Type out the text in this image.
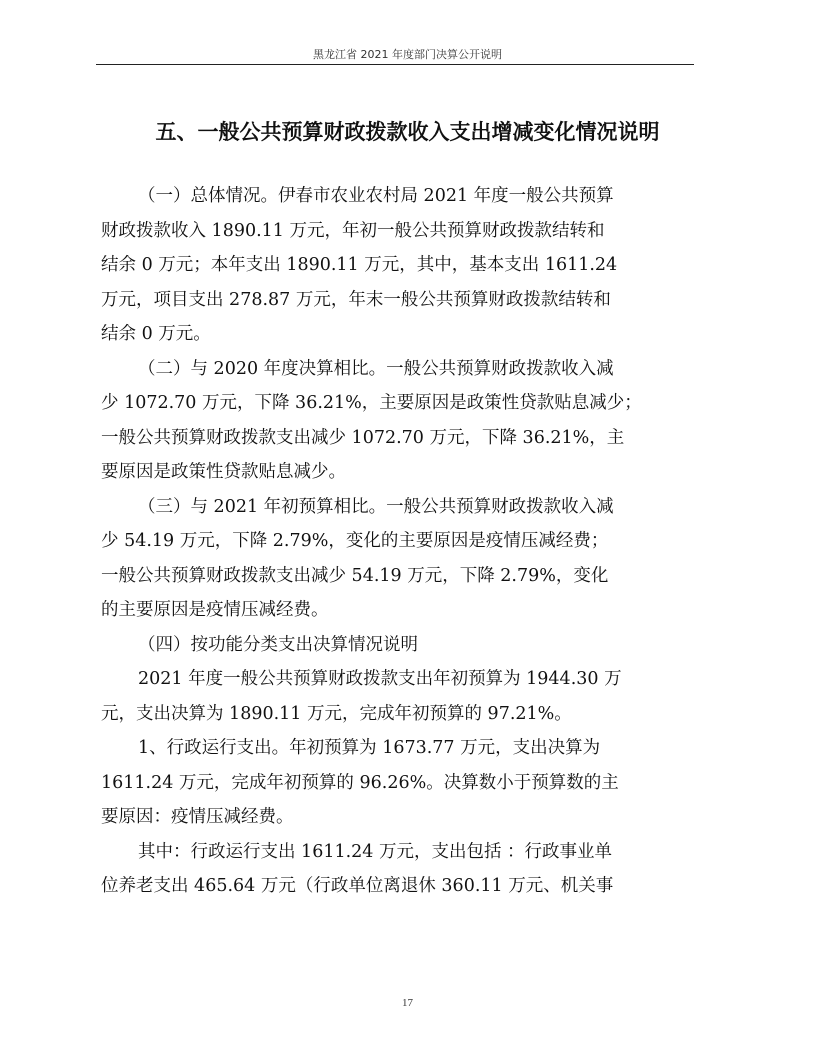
黑龙江省 2021 年度部门决算公开说明
五、一般公共预算财政拨款收入支出增减变化情况说明

（一）总体情况。伊春市农业农村局 2021 年度一般公共预算

财政拨款收入 1890.11 万元，年初一般公共预算财政拨款结转和

结余 0 万元；本年支出 1890.11 万元，其中，基本支出 1611.24

万元，项目支出 278.87 万元，年末一般公共预算财政拨款结转和

结余 0 万元。

（二）与 2020 年度决算相比。一般公共预算财政拨款收入减

少 1072.70 万元，下降 36.21%，主要原因是政策性贷款贴息减少；

一般公共预算财政拨款支出减少 1072.70 万元，下降 36.21%，主

要原因是政策性贷款贴息减少。

（三）与 2021 年初预算相比。一般公共预算财政拨款收入减

少 54.19 万元，下降 2.79%，变化的主要原因是疫情压减经费；

一般公共预算财政拨款支出减少 54.19 万元，下降 2.79%，变化

的主要原因是疫情压减经费。

（四）按功能分类支出决算情况说明

2021 年度一般公共预算财政拨款支出年初预算为 1944.30 万

元，支出决算为 1890.11 万元，完成年初预算的 97.21%。

1、行政运行支出。年初预算为 1673.77 万元，支出决算为

1611.24 万元，完成年初预算的 96.26%。决算数小于预算数的主

要原因：疫情压减经费。

其中：行政运行支出 1611.24 万元，支出包括 ：行政事业单

位养老支出 465.64 万元（行政单位离退休 360.11 万元、机关事

17
